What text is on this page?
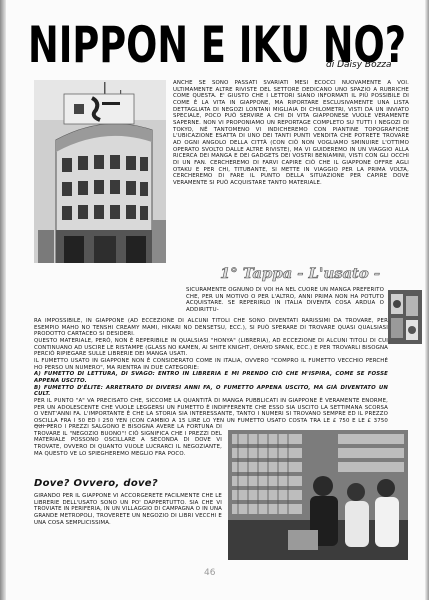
NIPPON E IKU NO?
di Daisy Bozza

ANCHE SE SONO PASSATI SVARIATI MESI ECOCCI NUOVAMENTE A VOI. ULTIMAMENTE ALTRE RIVISTE DEL SETTORE DEDICANO UNO SPAZIO A RUBRICHE COME QUESTA. E' GIUSTO CHE I LETTORI SIANO INFORMATI IL PIÙ POSSIBILE DI COME È LA VITA IN GIAPPONE, MA RIPORTARE ESCLUSIVAMENTE UNA LISTA DETTAGLIATA DI NEGOZI LONTANI MIGLIAIA DI CHILOMETRI, VISTI DA UN INVIATO SPECIALE, POCO PUÒ SERVIRE A CHI DI VITA GIAPPONESE VUOLE VERAMENTE SAPERNE. NON VI PROPONIAMO UN REPORTAGE COMPLETO SU TUTTI I NEGOZI DI TOKYO, NÉ TANTOMENO VI INDICHEREMO CON PIANTINE TOPOGRAFICHE L'UBICAZIONE ESATTA DI UNO DEI TANTI PUNTI VENDITA CHE POTRETE TROVARE AD OGNI ANGOLO DELLA CITTÀ (CON CIÒ NON VOGLIAMO SMINUIRE L'OTTIMO OPERATO SVOLTO DALLE ALTRE RIVISTE), MA VI GUIDEREMO IN UN VIAGGIO ALLA RICERCA DEI MANGA E DEI GADGETS DEI VOSTRI BENIAMINI, VISTI CON GLI OCCHI DI UN FAN. CERCHEREMO DI FARVI CAPIRE CIÒ CHE IL GIAPPONE OFFRE AGLI OTAKU E PER CHI, TITUBANTE, SI METTE IN VIAGGIO PER LA PRIMA VOLTA, CERCHEREMO DI FARE IL PUNTO DELLA SITUAZIONE PER CAPIRE DOVE VERAMENTE SI PUÒ ACQUISTARE TANTO MATERIALE.

1° Tappa - L'usato -
SICURAMENTE OGNUNO DI VOI HA NEL CUORE UN MANGA PREFERITO CHE, PER UN MOTIVO O PER L'ALTRO, ANNI PRIMA NON HA POTUTO ACQUISTARE. SE REPERIRLO IN ITALIA DIVENTA COSA ARDUA O ADDIRITTU-

RA IMPOSSIBILE, IN GIAPPONE (AD ECCEZIONE DI ALCUNI TITOLI CHE SONO DIVENTATI RARISSIMI DA TROVARE, PER ESEMPIO MAHO NO TENSHI CREAMY MAMI, HIKARI NO DENSETSU, ECC.), SI PUÒ SPERARE DI TROVARE QUASI QUALSIASI PRODOTTO CARTACEO SI DESIDERI.

QUESTO MATERIALE, PERÒ, NON È REPERIBILE IN QUALSIASI "HONYA" (LIBRERIA), AD ECCEZIONE DI ALCUNI TITOLI DI CUI CONTINUANO AD USCIRE LE RISTAMPE (GLASS NO KAMEN, AI SHITE KNIGHT, OHAYO SPANK, ECC.) E PER TROVARLI BISOGNA PERCIÒ RIPIEGARE SULLE LIBRERIE DEI MANGA USATI.

IL FUMETTO USATO IN GIAPPONE NON È CONSIDERATO COME IN ITALIA, OVVERO "COMPRO IL FUMETTO VECCHIO PERCHÉ HO PERSO UN NUMERO", MA RIENTRA IN DUE CATEGORIE:

A) FUMETTO DI LETTURA, DI SVAGO: ENTRO IN LIBRERIA E MI PRENDO CIÒ CHE M'ISPIRA, COME SE FOSSE APPENA USCITO.

B) FUMETTO D'ÉLITE: ARRETRATO DI DIVERSI ANNI FA, O FUMETTO APPENA USCITO, MA GIÀ DIVENTATO UN CULT.

PER IL PUNTO "A" VA PRECISATO CHE, SICCOME LA QUANTITÀ DI MANGA PUBBLICATI IN GIAPPONE È VERAMENTE ENORME, PER UN ADOLESCENTE CHE VUOLE LEGGERSI UN FUMETTO È INDIFFERENTE CHE ESSO SIA USCITO LA SETTIMANA SCORSA O VENT'ANNI FA. L'IMPORTANTE È CHE LA STORIA SIA INTERESSANTE, TANTO I NUMERI SI TROVANO SEMPRE ED IL PREZZO OSCILLA FRA I 50 ED I 250 YEN (CON CAMBIO A 15 LIRE LO YEN UN FUMETTO USATO COSTA TRA LE £ 750 E LE £ 3750

QUI PERÒ I PREZZI SALGONO E BISOGNA AVERE LA FORTUNA DI TROVARE IL "NEGOZIO BUONO"! CIÒ SIGNIFICA CHE I PREZZI DEL MATERIALE POSSONO OSCILLARE A SECONDA DI DOVE VI TROVATE, OVVERO DI QUANTO VUOLE LUCRARCI IL NEGOZIANTE, MA QUESTO VE LO SPIEGHEREMO MEGLIO FRA POCO.
Dove? Ovvero, dove?
GIRANDO PER IL GIAPPONE VI ACCORGERETE FACILMENTE CHE LE LIBRERIE DELL'USATO SONO UN PO' DAPPERTUTTO. SIA CHE VI TROVIATE IN PERIFERIA, IN UN VILLAGGIO DI CAMPAGNA O IN UNA GRANDE METROPOLI, TROVERETE UN NEGOZIO DI LIBRI VECCHI E UNA COSA SEMPLICISSIMA.
46
